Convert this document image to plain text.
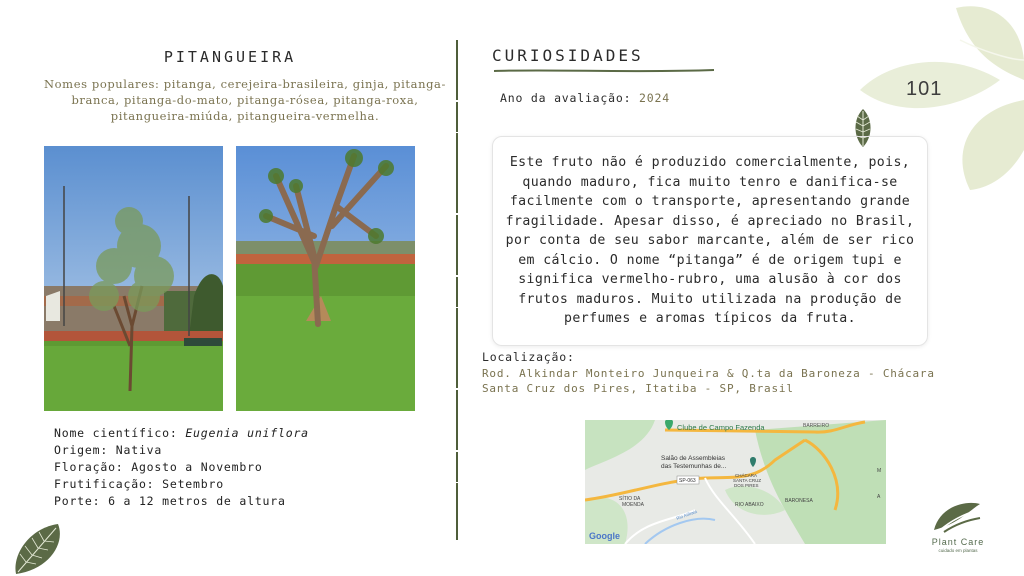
PITANGUEIRA
Nomes populares: pitanga, cerejeira-brasileira, ginja, pitanga-branca, pitanga-do-mato, pitanga-rósea, pitanga-roxa, pitangueira-miúda, pitangueira-vermelha.
Nome científico: Eugenia uniflora
Origem: Nativa
Floração: Agosto a Novembro
Frutificação: Setembro
Porte: 6 a 12 metros de altura
CURIOSIDADES
Ano da avaliação: 2024	101

Este fruto não é produzido comercialmente, pois, quando maduro, fica muito tenro e danifica-se facilmente com o transporte, apresentando grande fragilidade. Apesar disso, é apreciado no Brasil, por conta de seu sabor marcante, além de ser rico em cálcio. O nome “pitanga” é de origem tupi e significa vermelho-rubro, uma alusão à cor dos frutos maduros. Muito utilizada na produção de perfumes e aromas típicos da fruta.

Localização:
Rod. Alkindar Monteiro Junqueira & Q.ta da Baroneza - Chácara Santa Cruz dos Pires, Itatiba - SP, Brasil
Clube de Campo Fazenda	BARREIRO
Salão de Assembleias
das Testemunhas de...
SP-063
CHÁCARA
SANTA CRUZ
DOS PIRES
SÍTIO DA
MOENDA	RIO ABAIXO
BARONESA
Rio Atibaia
M
A
Google
Plant Care
cuidado em plantas
